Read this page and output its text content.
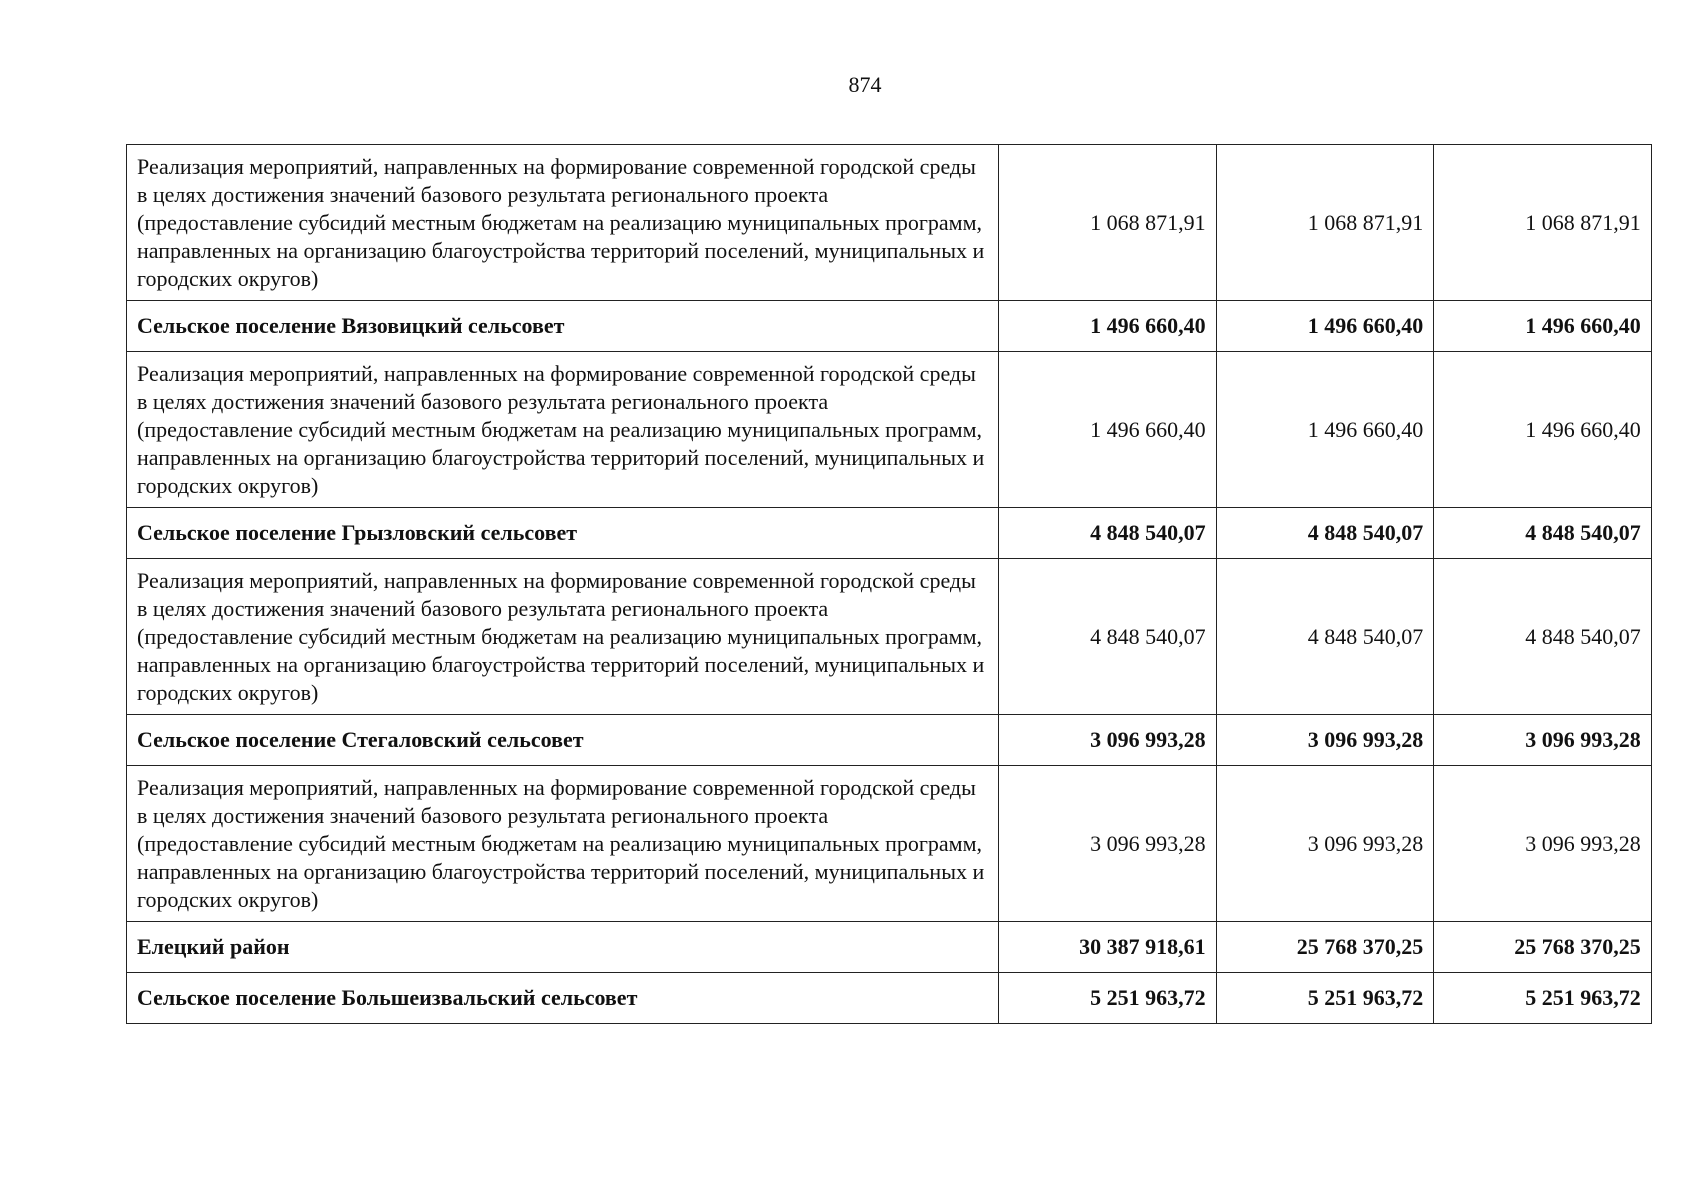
874
Реализация мероприятий, направленных на формирование современной городской среды в целях достижения значений базового результата регионального проекта (предоставление субсидий местным бюджетам на реализацию муниципальных программ, направленных на организацию благоустройства территорий поселений, муниципальных и городских округов)	1 068 871,91	1 068 871,91	1 068 871,91
Сельское поселение Вязовицкий сельсовет	1 496 660,40	1 496 660,40	1 496 660,40
Реализация мероприятий, направленных на формирование современной городской среды в целях достижения значений базового результата регионального проекта (предоставление субсидий местным бюджетам на реализацию муниципальных программ, направленных на организацию благоустройства территорий поселений, муниципальных и городских округов)	1 496 660,40	1 496 660,40	1 496 660,40
Сельское поселение Грызловский сельсовет	4 848 540,07	4 848 540,07	4 848 540,07
Реализация мероприятий, направленных на формирование современной городской среды в целях достижения значений базового результата регионального проекта (предоставление субсидий местным бюджетам на реализацию муниципальных программ, направленных на организацию благоустройства территорий поселений, муниципальных и городских округов)	4 848 540,07	4 848 540,07	4 848 540,07
Сельское поселение Стегаловский сельсовет	3 096 993,28	3 096 993,28	3 096 993,28
Реализация мероприятий, направленных на формирование современной городской среды в целях достижения значений базового результата регионального проекта (предоставление субсидий местным бюджетам на реализацию муниципальных программ, направленных на организацию благоустройства территорий поселений, муниципальных и городских округов)	3 096 993,28	3 096 993,28	3 096 993,28
Елецкий район	30 387 918,61	25 768 370,25	25 768 370,25
Сельское поселение Большеизвальский сельсовет	5 251 963,72	5 251 963,72	5 251 963,72
